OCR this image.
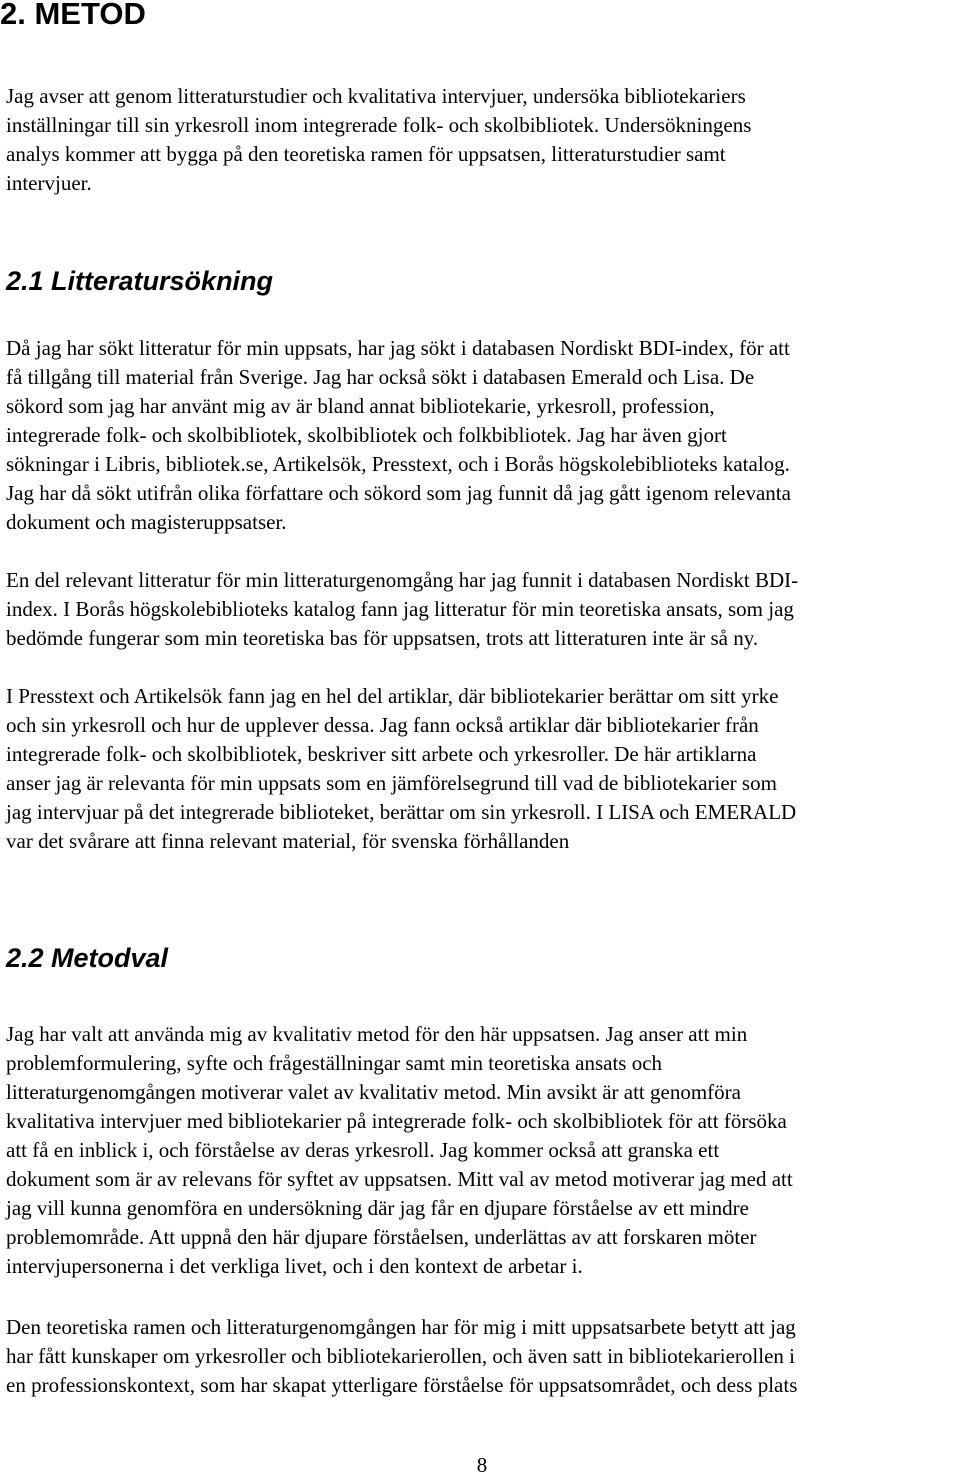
2. METOD
Jag avser att genom litteraturstudier och kvalitativa intervjuer, undersöka bibliotekariers
inställningar till sin yrkesroll inom integrerade folk- och skolbibliotek. Undersökningens
analys kommer att bygga på den teoretiska ramen för uppsatsen, litteraturstudier samt
intervjuer.
2.1 Litteratursökning
Då jag har sökt litteratur för min uppsats, har jag sökt i databasen Nordiskt BDI-index, för att
få tillgång till material från Sverige. Jag har också sökt i databasen Emerald och Lisa. De
sökord som jag har använt mig av är bland annat bibliotekarie, yrkesroll, profession,
integrerade folk- och skolbibliotek, skolbibliotek och folkbibliotek. Jag har även gjort
sökningar i Libris, bibliotek.se, Artikelsök, Presstext, och i Borås högskolebiblioteks katalog.
Jag har då sökt utifrån olika författare och sökord som jag funnit då jag gått igenom relevanta
dokument och magisteruppsatser.
En del relevant litteratur för min litteraturgenomgång har jag funnit i databasen Nordiskt BDI-
index. I Borås högskolebiblioteks katalog fann jag litteratur för min teoretiska ansats, som jag
bedömde fungerar som min teoretiska bas för uppsatsen, trots att litteraturen inte är så ny.
I Presstext och Artikelsök fann jag en hel del artiklar, där bibliotekarier berättar om sitt yrke
och sin yrkesroll och hur de upplever dessa. Jag fann också artiklar där bibliotekarier från
integrerade folk- och skolbibliotek, beskriver sitt arbete och yrkesroller. De här artiklarna
anser jag är relevanta för min uppsats som en jämförelsegrund till vad de bibliotekarier som
jag intervjuar på det integrerade biblioteket, berättar om sin yrkesroll. I LISA och EMERALD
var det svårare att finna relevant material, för svenska förhållanden
2.2 Metodval
Jag har valt att använda mig av kvalitativ metod för den här uppsatsen. Jag anser att min
problemformulering, syfte och frågeställningar samt min teoretiska ansats och
litteraturgenomgången motiverar valet av kvalitativ metod. Min avsikt är att genomföra
kvalitativa intervjuer med bibliotekarier på integrerade folk- och skolbibliotek för att försöka
att få en inblick i, och förståelse av deras yrkesroll. Jag kommer också att granska ett
dokument som är av relevans för syftet av uppsatsen. Mitt val av metod motiverar jag med att
jag vill kunna genomföra en undersökning där jag får en djupare förståelse av ett mindre
problemområde. Att uppnå den här djupare förståelsen, underlättas av att forskaren möter
intervjupersonerna i det verkliga livet, och i den kontext de arbetar i.
Den teoretiska ramen och litteraturgenomgången har för mig i mitt uppsatsarbete betytt att jag
har fått kunskaper om yrkesroller och bibliotekarierollen, och även satt in bibliotekarierollen i
en professionskontext, som har skapat ytterligare förståelse för uppsatsområdet, och dess plats
8
